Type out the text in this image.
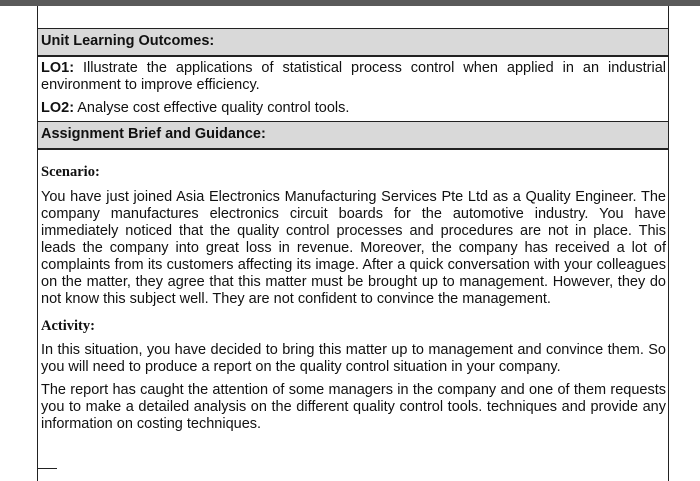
Unit Learning Outcomes:

LO1: Illustrate the applications of statistical process control when applied in an industrial environment to improve efficiency.

LO2: Analyse cost effective quality control tools.

Assignment Brief and Guidance:

Scenario:

You have just joined Asia Electronics Manufacturing Services Pte Ltd as a Quality Engineer. The company manufactures electronics circuit boards for the automotive industry. You have immediately noticed that the quality control processes and procedures are not in place. This leads the company into great loss in revenue. Moreover, the company has received a lot of complaints from its customers affecting its image. After a quick conversation with your colleagues on the matter, they agree that this matter must be brought up to management. However, they do not know this subject well. They are not confident to convince the management.

Activity:

In this situation, you have decided to bring this matter up to management and convince them. So you will need to produce a report on the quality control situation in your company.

The report has caught the attention of some managers in the company and one of them requests you to make a detailed analysis on the different quality control tools. techniques and provide any information on costing techniques.
